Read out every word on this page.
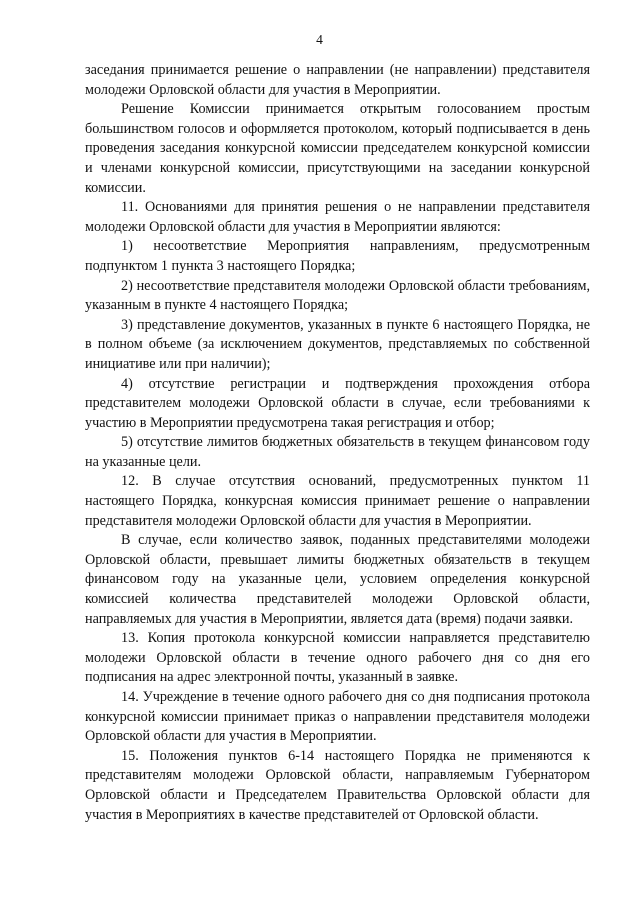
4

заседания принимается решение о направлении (не направлении) представителя молодежи Орловской области для участия в Мероприятии.

Решение Комиссии принимается открытым голосованием простым большинством голосов и оформляется протоколом, который подписывается в день проведения заседания конкурсной комиссии председателем конкурсной комиссии и членами конкурсной комиссии, присутствующими на заседании конкурсной комиссии.

11. Основаниями для принятия решения о не направлении представителя молодежи Орловской области для участия в Мероприятии являются:

1) несоответствие Мероприятия направлениям, предусмотренным подпунктом 1 пункта 3 настоящего Порядка;

2) несоответствие представителя молодежи Орловской области требованиям, указанным в пункте 4 настоящего Порядка;

3) представление документов, указанных в пункте 6 настоящего Порядка, не в полном объеме (за исключением документов, представляемых по собственной инициативе или при наличии);

4) отсутствие регистрации и подтверждения прохождения отбора представителем молодежи Орловской области в случае, если требованиями к участию в Мероприятии предусмотрена такая регистрация и отбор;

5) отсутствие лимитов бюджетных обязательств в текущем финансовом году на указанные цели.

12. В случае отсутствия оснований, предусмотренных пунктом 11 настоящего Порядка, конкурсная комиссия принимает решение о направлении представителя молодежи Орловской области для участия в Мероприятии.

В случае, если количество заявок, поданных представителями молодежи Орловской области, превышает лимиты бюджетных обязательств в текущем финансовом году на указанные цели, условием определения конкурсной комиссией количества представителей молодежи Орловской области, направляемых для участия в Мероприятии, является дата (время) подачи заявки.

13. Копия протокола конкурсной комиссии направляется представителю молодежи Орловской области в течение одного рабочего дня со дня его подписания на адрес электронной почты, указанный в заявке.

14. Учреждение в течение одного рабочего дня со дня подписания протокола конкурсной комиссии принимает приказ о направлении представителя молодежи Орловской области для участия в Мероприятии.

15. Положения пунктов 6-14 настоящего Порядка не применяются к представителям молодежи Орловской области, направляемым Губернатором Орловской области и Председателем Правительства Орловской области для участия в Мероприятиях в качестве представителей от Орловской области.
